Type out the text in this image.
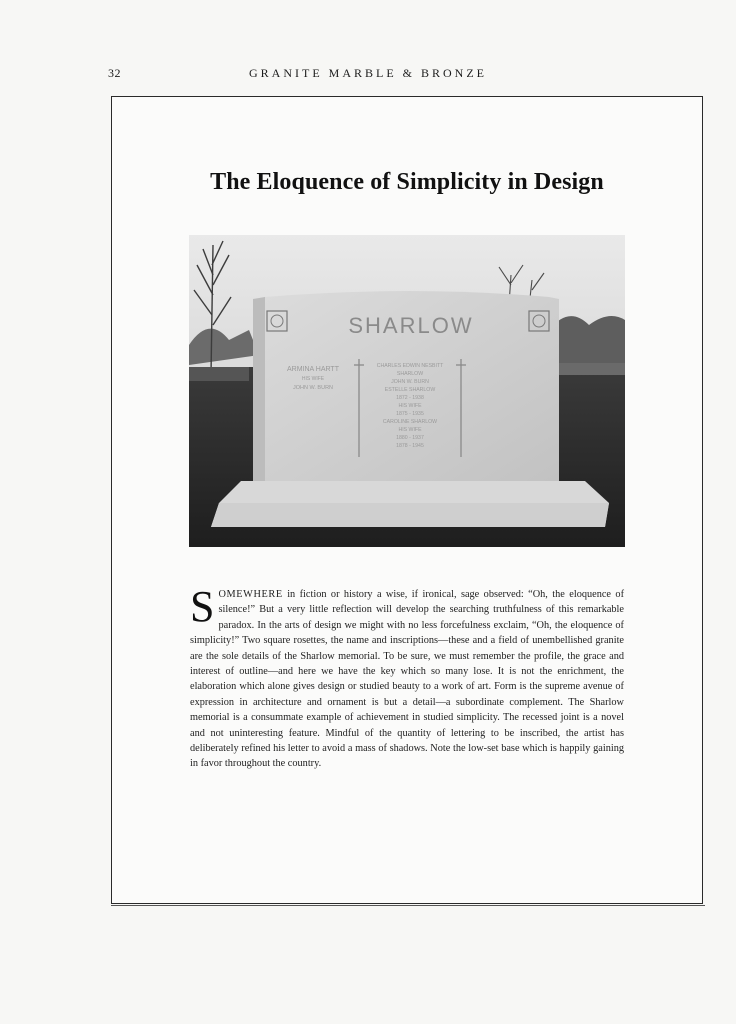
32	GRANITE MARBLE & BRONZE
The Eloquence of Simplicity in Design
SHARLOW
ARMINA HARTT
HIS WIFE
JOHN W. BURN
CHARLES EDWIN NESBITT
SHARLOW
JOHN W. BURN
ESTELLE SHARLOW
1872 - 1938
HIS WIFE
1875 - 1935
CAROLINE SHARLOW
HIS WIFE
1880 - 1937
1878 - 1945

SOMEWHERE in fiction or history a wise, if ironical, sage observed: “Oh, the eloquence of silence!” But a very little reflection will develop the searching truthfulness of this remarkable paradox. In the arts of design we might with no less forcefulness exclaim, “Oh, the eloquence of simplicity!” Two square rosettes, the name and inscriptions—these and a field of unembellished granite are the sole details of the Sharlow memorial. To be sure, we must remember the profile, the grace and interest of outline—and here we have the key which so many lose. It is not the enrichment, the elaboration which alone gives design or studied beauty to a work of art. Form is the supreme avenue of expression in architecture and ornament is but a detail—a subordinate complement. The Sharlow memorial is a consummate example of achievement in studied simplicity. The recessed joint is a novel and not uninteresting feature. Mindful of the quantity of lettering to be inscribed, the artist has deliberately refined his letter to avoid a mass of shadows. Note the low-set base which is happily gaining in favor throughout the country.
